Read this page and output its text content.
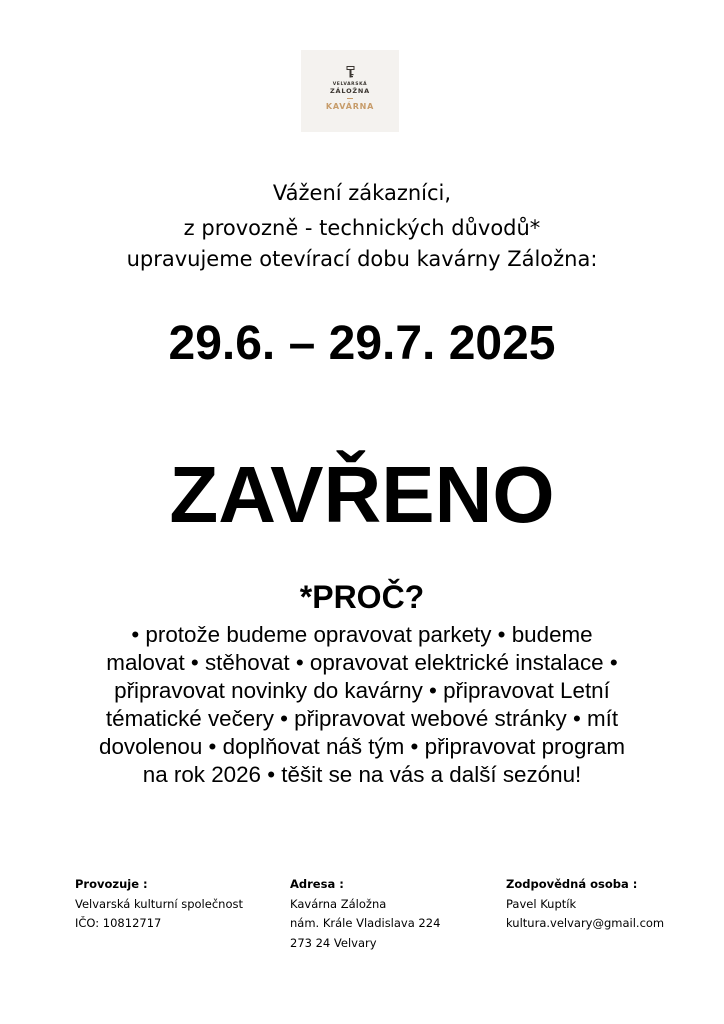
VELVARSKÁ
ZÁLOŽNA
KAVÁRNA
Vážení zákazníci,
z provozně - technických důvodů*
upravujeme otevírací dobu kavárny Záložna:
29.6. – 29.7. 2025
ZAVŘENO
*PROČ?
• protože budeme opravovat parkety • budeme
malovat • stěhovat • opravovat elektrické instalace •
připravovat novinky do kavárny • připravovat Letní
tématické večery • připravovat webové stránky • mít
dovolenou • doplňovat náš tým • připravovat program
na rok 2026 • těšit se na vás a další sezónu!
Provozuje :
Velvarská kulturní společnost
IČO: 10812717
Adresa :
Kavárna Záložna
nám. Krále Vladislava 224
273 24 Velvary
Zodpovědná osoba :
Pavel Kuptík
kultura.velvary@gmail.com
